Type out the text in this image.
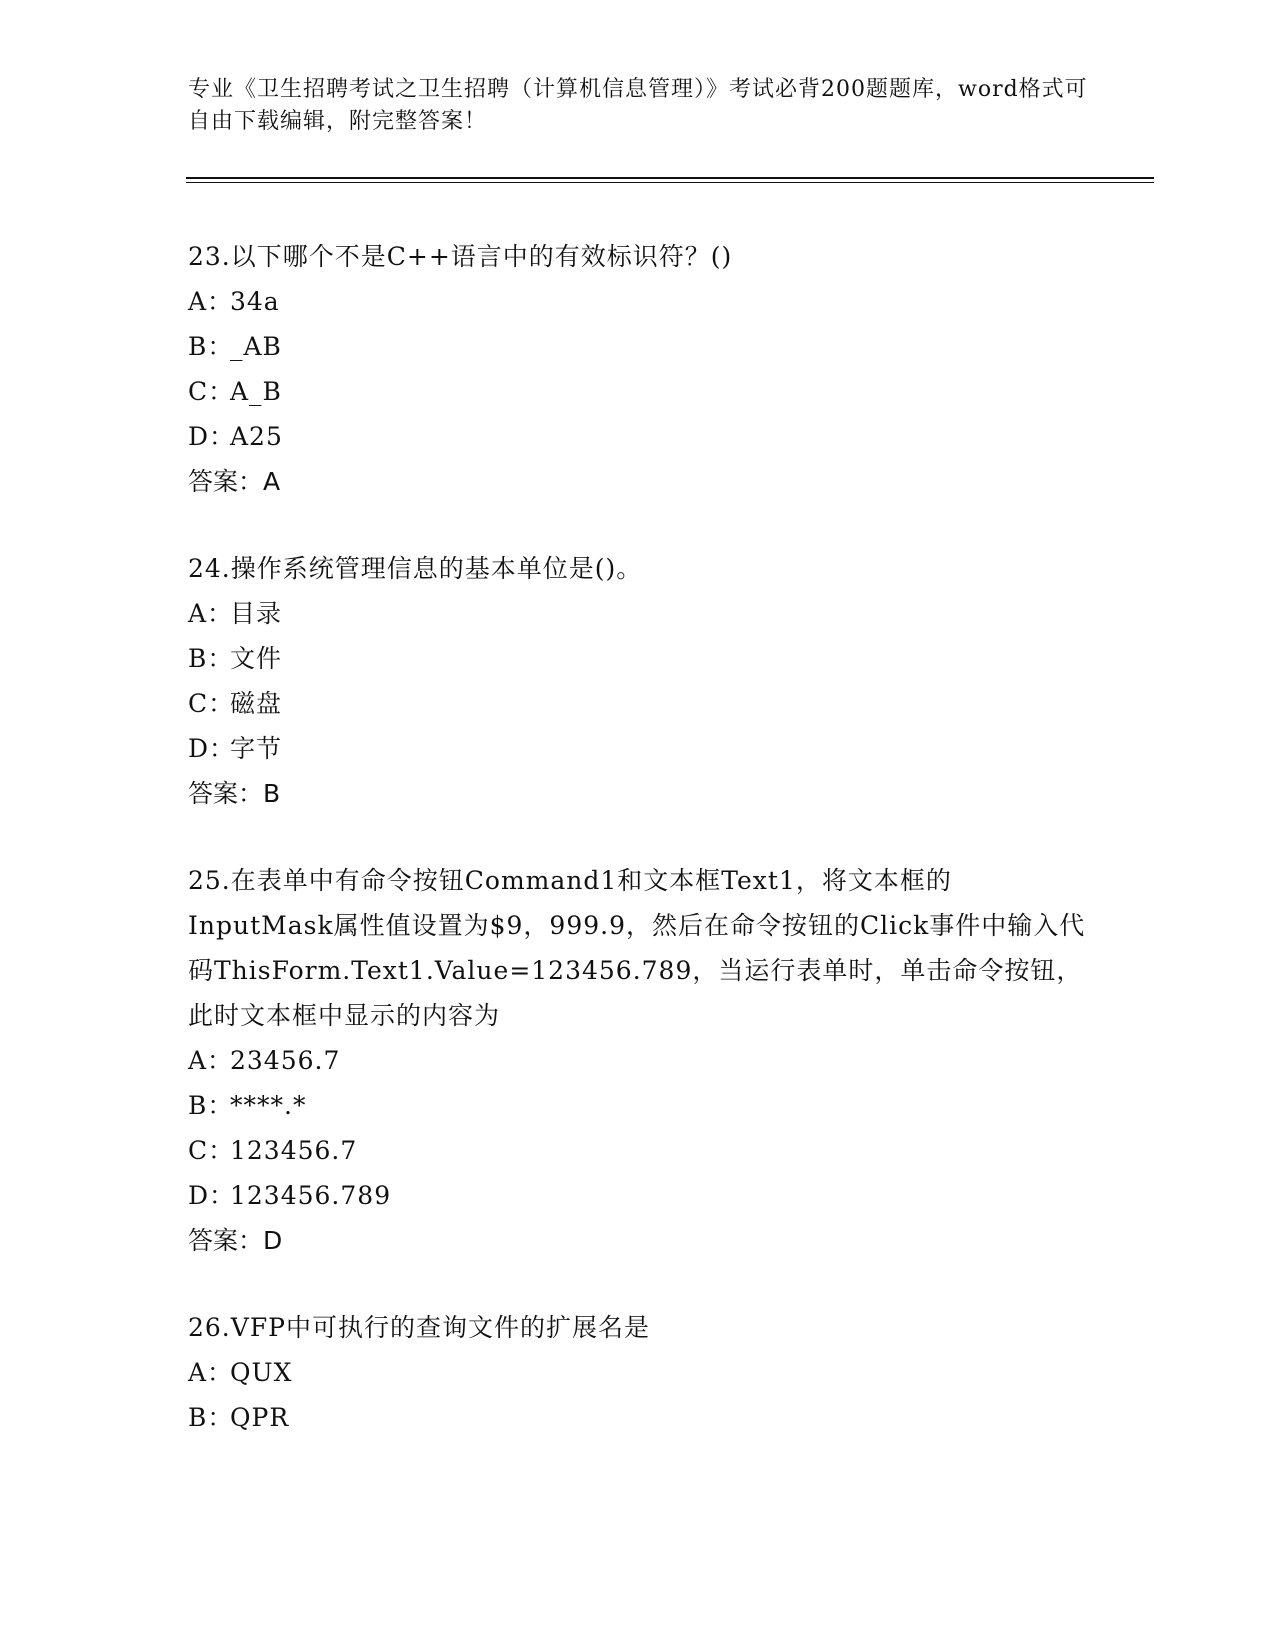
专业《卫生招聘考试之卫生招聘（计算机信息管理）》考试必背200题题库，word格式可自由下载编辑，附完整答案！

23.以下哪个不是C++语言中的有效标识符？()

A：34a

B：_AB

C：A_B

D：A25

答案：A

24.操作系统管理信息的基本单位是()。

A：目录

B：文件

C：磁盘

D：字节

答案：B

25.在表单中有命令按钮Command1和文本框Text1，将文本框的InputMask属性值设置为$9，999.9，然后在命令按钮的Click事件中输入代码ThisForm.Text1.Value=123456.789，当运行表单时，单击命令按钮，此时文本框中显示的内容为

A：23456.7

B：****.*

C：123456.7

D：123456.789

答案：D

26.VFP中可执行的查询文件的扩展名是

A：QUX

B：QPR
